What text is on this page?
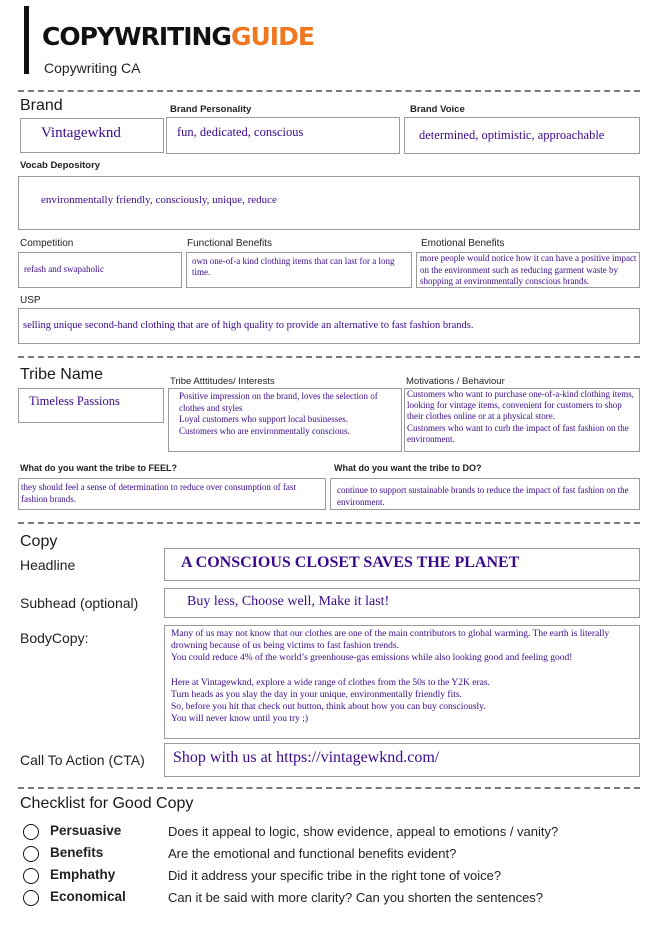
COPYWRITINGGUIDE
Copywriting CA
Brand
Vintagewknd
Brand Personality
fun, dedicated, conscious
Brand Voice
determined, optimistic, approachable
Vocab Depository
environmentally friendly, consciously, unique, reduce
Competition
refash and swapaholic
Functional Benefits
own one-of-a kind clothing items that can last for a long time.
Emotional Benefits
more people would notice how it can have a positive impact on the environment such as reducing garment waste by shopping at environmentally conscious brands.
USP
selling unique second-hand clothing that are of high quality to provide an alternative to fast fashion brands.
Tribe Name
Timeless Passions
Tribe Atttitudes/ Interests
Positive impression on the brand, loves the selection of clothes and styles
Loyal customers who support local businesses.
Customers who are environmentally conscious.
Motivations / Behaviour
Customers who want to purchase one-of-a-kind clothing items, looking for vintage items, convenient for customers to shop their clothes online or at a physical store.
Customers who want to curb the impact of fast fashion on the environment.
What do you want the tribe to FEEL?
they should feel a sense of determination to reduce over consumption of fast fashion brands.
What do you want the tribe to DO?
continue to support sustainable brands to reduce the impact of fast fashion on the environment.
Copy
Headline	A CONSCIOUS CLOSET SAVES THE PLANET
Subhead (optional)	Buy less, Choose well, Make it last!
BodyCopy:	Many of us may not know that our clothes are one of the main contributors to global warming. The earth is literally drowning because of us being victims to fast fashion trends.
You could reduce 4% of the world’s greenhouse-gas emissions while also looking good and feeling good!

Here at Vintagewknd, explore a wide range of clothes from the 50s to the Y2K eras.
Turn heads as you slay the day in your unique, environmentally friendly fits.
So, before you hit that check out button, think about how you can buy consciously.
You will never know until you try ;)
Call To Action (CTA) Shop with us at https://vintagewknd.com/
Checklist for Good Copy
Persuasive	Does it appeal to logic, show evidence, appeal to emotions / vanity?
Benefits	Are the emotional and functional benefits evident?
Emphathy	Did it address your specific tribe in the right tone of voice?
Economical	Can it be said with more clarity? Can you shorten the sentences?
